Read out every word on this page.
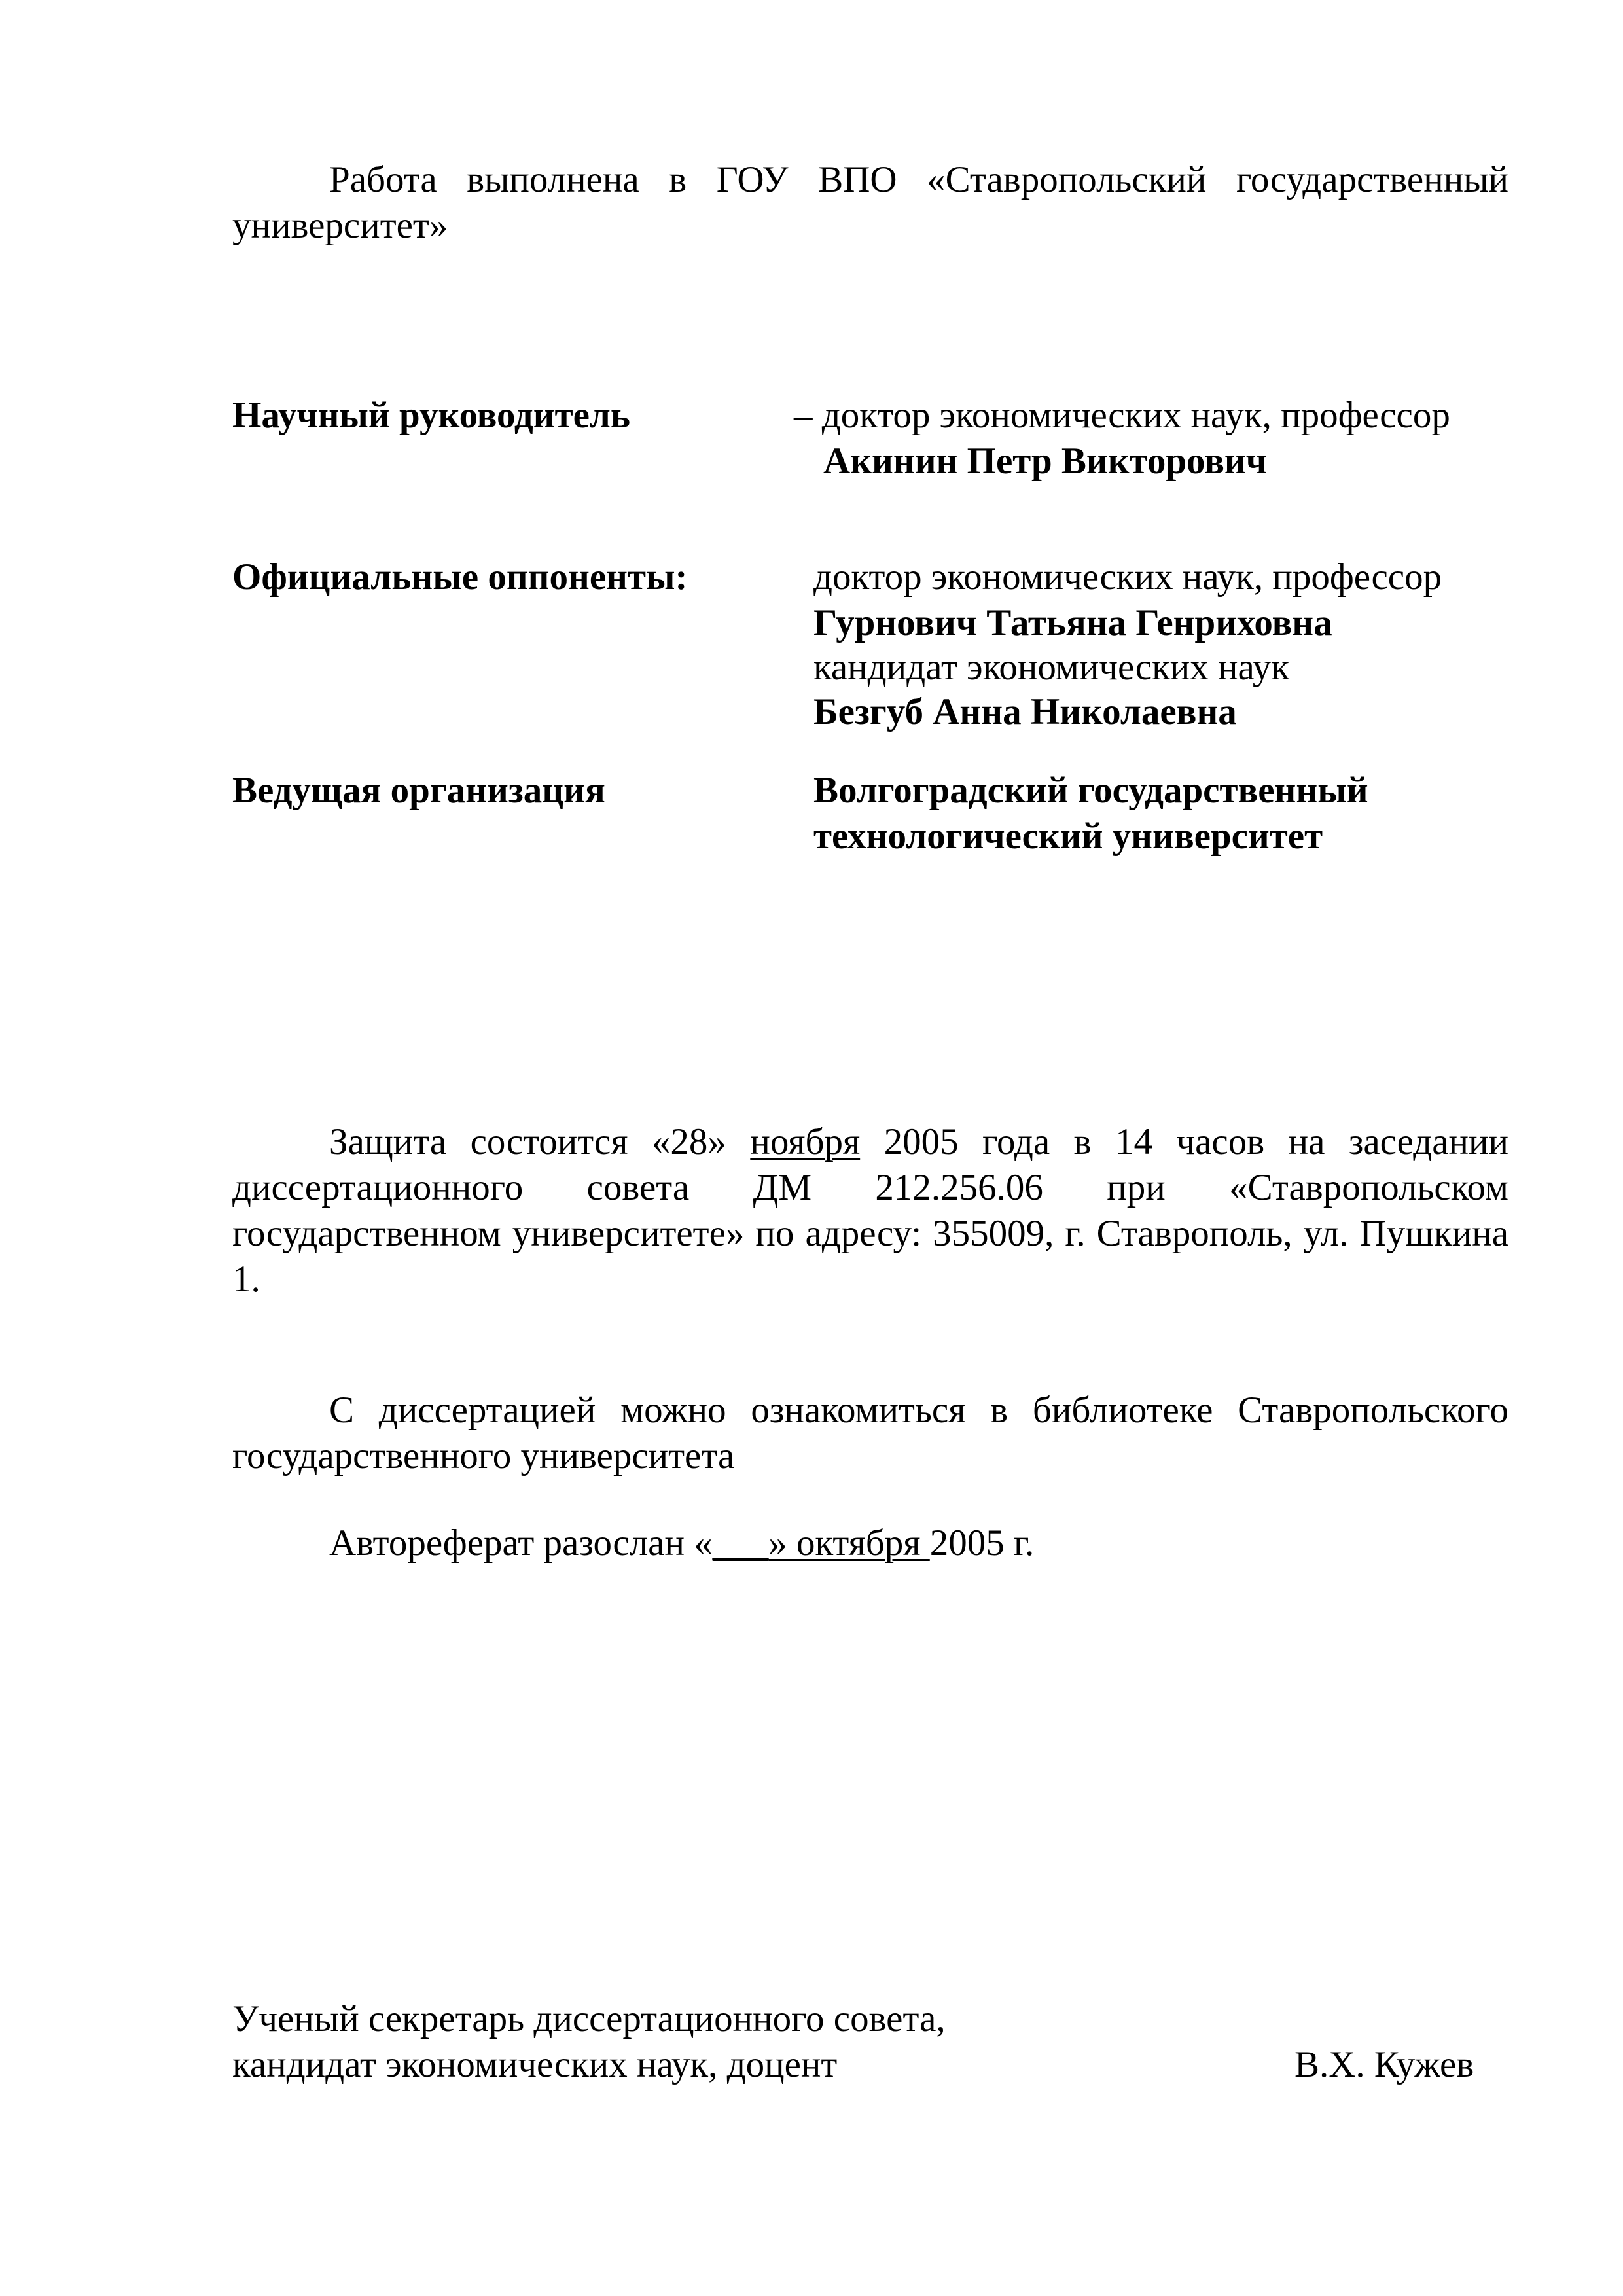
Работа выполнена в ГОУ ВПО «Ставропольский государственный университет»
Научный руководитель	– доктор экономических наук, профессор
Акинин Петр Викторович
Официальные оппоненты:	доктор экономических наук, профессор
Гурнович Татьяна Генриховна
кандидат экономических наук
Безгуб Анна Николаевна
Ведущая организация	Волгоградский государственный
технологический университет
Защита состоится «28» ноября 2005 года в 14 часов на заседании диссертационного совета ДМ 212.256.06 при «Ставропольском государственном университете» по адресу: 355009, г. Ставрополь, ул. Пушкина 1.
С диссертацией можно ознакомиться в библиотеке Ставропольского государственного университета
Автореферат разослан «___» октября 2005 г.
Ученый секретарь диссертационного совета,
кандидат экономических наук, доцент	В.Х. Кужев
